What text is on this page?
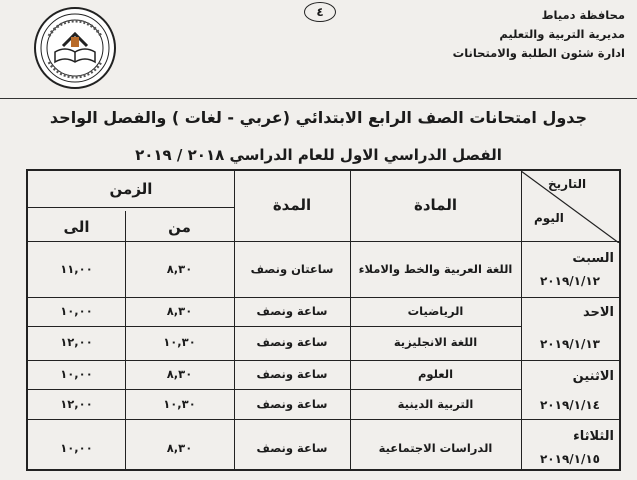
٤	محافظة دمياط
مديرية التربية والتعليم
ادارة شئون الطلبة والامتحانات
جدول امتحانات الصف الرابع الابتدائي (عربي - لغات ) والفصل الواحد
الفصل الدراسي الاول للعام الدراسي ٢٠١٨ / ٢٠١٩
التاريخ
اليوم
المادة
المدة
الزمن
من
الى
السبت
٢٠١٩/١/١٢
اللغة العربية والخط والاملاء
ساعتان ونصف
٨,٣٠
١١,٠٠
الاحد
٢٠١٩/١/١٣
الرياضيات
ساعة ونصف
٨,٣٠
١٠,٠٠
اللغة الانجليزية
ساعة ونصف
١٠,٣٠
١٢,٠٠
الاثنين
٢٠١٩/١/١٤
العلوم
ساعة ونصف
٨,٣٠
١٠,٠٠
التربية الدينية
ساعة ونصف
١٠,٣٠
١٢,٠٠
الثلاثاء
٢٠١٩/١/١٥
الدراسات الاجتماعية
ساعة ونصف
٨,٣٠
١٠,٠٠
